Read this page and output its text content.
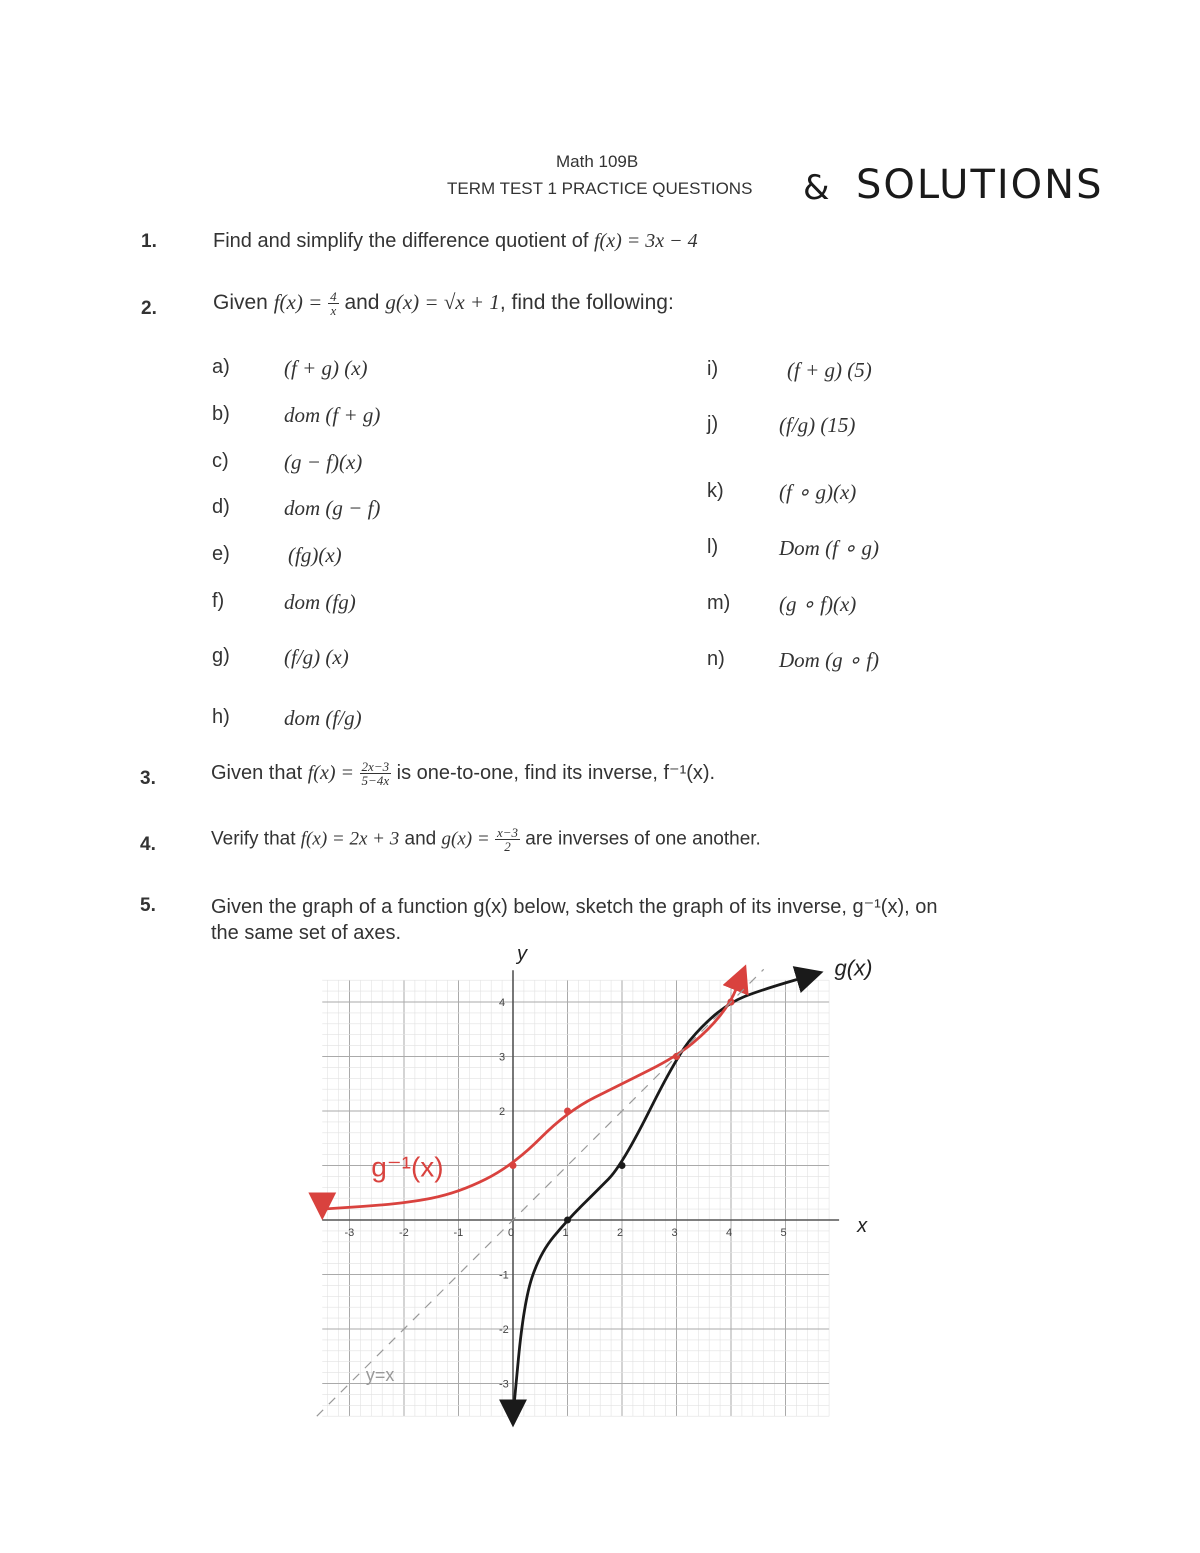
Math 109B
TERM TEST 1 PRACTICE QUESTIONS & SOLUTIONS
1.	Find and simplify the difference quotient of f(x) = 3x − 4
2.	Given $f(x) = \frac{4}{x}$ and g(x) = √x + 1, find the following:
a)	(f + g) (x)
b)	dom (f + g)
c)	(g − f)(x)
d)	dom (g − f)
e)	(fg)(x)
f)	dom (fg)
g)	(f/g) (x)
h)	dom (f/g)
i)	(f + g) (5)
j)	(f/g) (15)
k)	(f ∘ g)(x)
l)	Dom (f ∘ g)
m) (g ∘ f)(x)
n)	Dom (g ∘ f)
3.	Given that $f(x) = \frac{2x-3}{5-4x}$ is one-to-one, find its inverse, f⁻¹(x).
4.	Verify that f(x) = 2x + 3 and $g(x) = \frac{x-3}{2}$ are inverses of one another.
5.	Given the graph of a function g(x) below, sketch the graph of its inverse, g⁻¹(x), on
the same set of axes.
x
y
-3	-2	-1	0	1	2	3	4	5
-3
-2
-1
2
3
4
g(x)
g⁻¹(x)
y=x
